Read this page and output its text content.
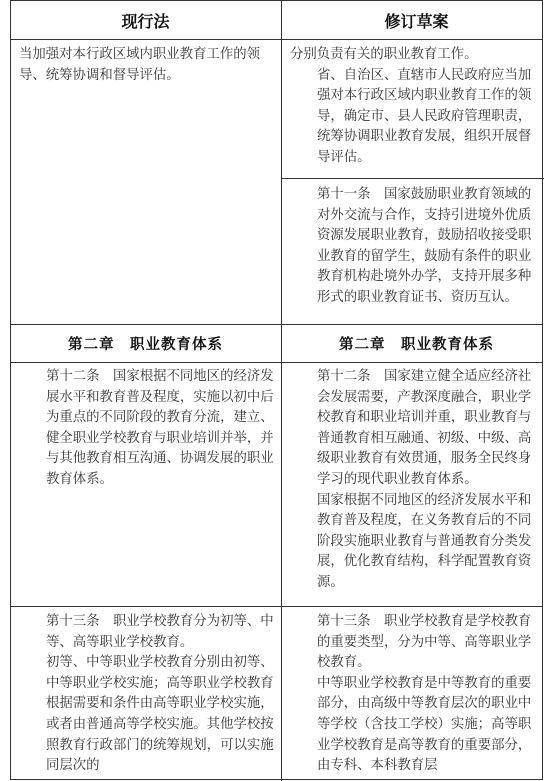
现行法	修订草案

当加强对本行政区域内职业教育工作的领导、统筹协调和督导评估。

分别负责有关的职业教育工作。

省、自治区、直辖市人民政府应当加强对本行政区域内职业教育工作的领导，确定市、县人民政府管理职责，统筹协调职业教育发展，组织开展督导评估。

第十一条　国家鼓励职业教育领域的对外交流与合作，支持引进境外优质资源发展职业教育，鼓励招收接受职业教育的留学生，鼓励有条件的职业教育机构赴境外办学，支持开展多种形式的职业教育证书、资历互认。

第二章　职业教育体系	第二章　职业教育体系

第十二条　国家根据不同地区的经济发展水平和教育普及程度，实施以初中后为重点的不同阶段的教育分流，建立、健全职业学校教育与职业培训并举，并与其他教育相互沟通、协调发展的职业教育体系。

第十二条　国家建立健全适应经济社会发展需要，产教深度融合，职业学校教育和职业培训并重，职业教育与普通教育相互融通、初级、中级、高级职业教育有效贯通，服务全民终身学习的现代职业教育体系。

国家根据不同地区的经济发展水平和教育普及程度，在义务教育后的不同阶段实施职业教育与普通教育分类发展，优化教育结构，科学配置教育资源。

第十三条　职业学校教育分为初等、中等、高等职业学校教育。

初等、中等职业学校教育分别由初等、中等职业学校实施；高等职业学校教育根据需要和条件由高等职业学校实施，或者由普通高等学校实施。其他学校按照教育行政部门的统筹规划，可以实施同层次的

第十三条　职业学校教育是学校教育的重要类型，分为中等、高等职业学校教育。

中等职业学校教育是中等教育的重要部分，由高级中等教育层次的职业中等学校（含技工学校）实施；高等职业学校教育是高等教育的重要部分，由专科、本科教育层
